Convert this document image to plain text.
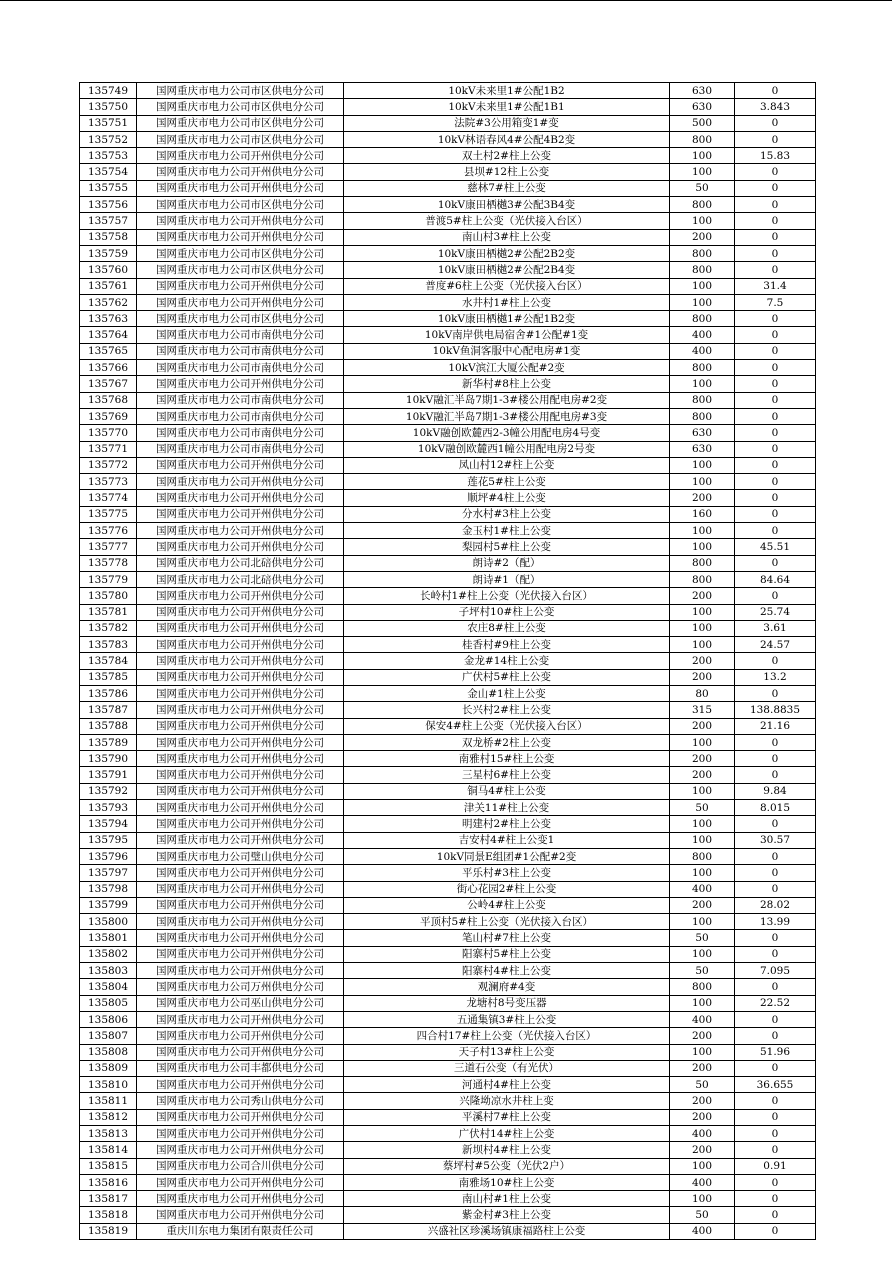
135749	国网重庆市电力公司市区供电分公司	10kV未来里1#公配1B2	630	0
135750	国网重庆市电力公司市区供电分公司	10kV未来里1#公配1B1	630	3.843
135751	国网重庆市电力公司市区供电分公司	法院#3公用箱变1#变	500	0
135752	国网重庆市电力公司市区供电分公司	10kV林语春风4#公配4B2变	800	0
135753	国网重庆市电力公司开州供电分公司	双土村2#柱上公变	100	15.83
135754	国网重庆市电力公司开州供电分公司	县坝#12柱上公变	100	0
135755	国网重庆市电力公司开州供电分公司	慈林7#柱上公变	50	0
135756	国网重庆市电力公司市区供电分公司	10kV康田栖樾3#公配3B4变	800	0
135757	国网重庆市电力公司开州供电分公司	普渡5#柱上公变（光伏接入台区）	100	0
135758	国网重庆市电力公司开州供电分公司	南山村3#柱上公变	200	0
135759	国网重庆市电力公司市区供电分公司	10kV康田栖樾2#公配2B2变	800	0
135760	国网重庆市电力公司市区供电分公司	10kV康田栖樾2#公配2B4变	800	0
135761	国网重庆市电力公司开州供电分公司	普度#6柱上公变（光伏接入台区）	100	31.4
135762	国网重庆市电力公司开州供电分公司	水井村1#柱上公变	100	7.5
135763	国网重庆市电力公司市区供电分公司	10kV康田栖樾1#公配1B2变	800	0
135764	国网重庆市电力公司市南供电分公司	10kV南岸供电局宿舍#1公配#1变	400	0
135765	国网重庆市电力公司市南供电分公司	10kV鱼洞客服中心配电房#1变	400	0
135766	国网重庆市电力公司市南供电分公司	10kV滨江大厦公配#2变	800	0
135767	国网重庆市电力公司开州供电分公司	新华村#8柱上公变	100	0
135768	国网重庆市电力公司市南供电分公司	10kV融汇半岛7期1-3#楼公用配电房#2变	800	0
135769	国网重庆市电力公司市南供电分公司	10kV融汇半岛7期1-3#楼公用配电房#3变	800	0
135770	国网重庆市电力公司市南供电分公司	10kV融创欧麓西2-3幢公用配电房4号变	630	0
135771	国网重庆市电力公司市南供电分公司	10kV融创欧麓西1幢公用配电房2号变	630	0
135772	国网重庆市电力公司开州供电分公司	凤山村12#柱上公变	100	0
135773	国网重庆市电力公司开州供电分公司	莲花5#柱上公变	100	0
135774	国网重庆市电力公司开州供电分公司	顺坪#4柱上公变	200	0
135775	国网重庆市电力公司开州供电分公司	分水村#3柱上公变	160	0
135776	国网重庆市电力公司开州供电分公司	金玉村1#柱上公变	100	0
135777	国网重庆市电力公司开州供电分公司	梨园村5#柱上公变	100	45.51
135778	国网重庆市电力公司北碚供电分公司	朗诗#2（配）	800	0
135779	国网重庆市电力公司北碚供电分公司	朗诗#1（配）	800	84.64
135780	国网重庆市电力公司开州供电分公司	长岭村1#柱上公变（光伏接入台区）	200	0
135781	国网重庆市电力公司开州供电分公司	子坪村10#柱上公变	100	25.74
135782	国网重庆市电力公司开州供电分公司	农庄8#柱上公变	100	3.61
135783	国网重庆市电力公司开州供电分公司	桂香村#9柱上公变	100	24.57
135784	国网重庆市电力公司开州供电分公司	金龙#14柱上公变	200	0
135785	国网重庆市电力公司开州供电分公司	广伏村5#柱上公变	200	13.2
135786	国网重庆市电力公司开州供电分公司	金山#1柱上公变	80	0
135787	国网重庆市电力公司开州供电分公司	长兴村2#柱上公变	315	138.8835
135788	国网重庆市电力公司开州供电分公司	保安4#柱上公变（光伏接入台区）	200	21.16
135789	国网重庆市电力公司开州供电分公司	双龙桥#2柱上公变	100	0
135790	国网重庆市电力公司开州供电分公司	南雅村15#柱上公变	200	0
135791	国网重庆市电力公司开州供电分公司	三星村6#柱上公变	200	0
135792	国网重庆市电力公司开州供电分公司	铜马4#柱上公变	100	9.84
135793	国网重庆市电力公司开州供电分公司	津关11#柱上公变	50	8.015
135794	国网重庆市电力公司开州供电分公司	明建村2#柱上公变	100	0
135795	国网重庆市电力公司开州供电分公司	吉安村4#柱上公变1	100	30.57
135796	国网重庆市电力公司璧山供电分公司	10kV同景E组团#1公配#2变	800	0
135797	国网重庆市电力公司开州供电分公司	平乐村#3柱上公变	100	0
135798	国网重庆市电力公司开州供电分公司	街心花园2#柱上公变	400	0
135799	国网重庆市电力公司开州供电分公司	公岭4#柱上公变	200	28.02
135800	国网重庆市电力公司开州供电分公司	平顶村5#柱上公变（光伏接入台区）	100	13.99
135801	国网重庆市电力公司开州供电分公司	笔山村#7柱上公变	50	0
135802	国网重庆市电力公司开州供电分公司	阳寨村5#柱上公变	100	0
135803	国网重庆市电力公司开州供电分公司	阳寨村4#柱上公变	50	7.095
135804	国网重庆市电力公司万州供电分公司	观澜府#4变	800	0
135805	国网重庆市电力公司巫山供电分公司	龙塘村8号变压器	100	22.52
135806	国网重庆市电力公司开州供电分公司	五通集镇3#柱上公变	400	0
135807	国网重庆市电力公司开州供电分公司	四合村17#柱上公变（光伏接入台区）	200	0
135808	国网重庆市电力公司开州供电分公司	天子村13#柱上公变	100	51.96
135809	国网重庆市电力公司丰都供电分公司	三道石公变（有光伏）	200	0
135810	国网重庆市电力公司开州供电分公司	河通村4#柱上公变	50	36.655
135811	国网重庆市电力公司秀山供电分公司	兴隆坳凉水井柱上变	200	0
135812	国网重庆市电力公司开州供电分公司	平溪村7#柱上公变	200	0
135813	国网重庆市电力公司开州供电分公司	广伏村14#柱上公变	400	0
135814	国网重庆市电力公司开州供电分公司	新坝村4#柱上公变	200	0
135815	国网重庆市电力公司合川供电分公司	蔡坪村#5公变（光伏2户）	100	0.91
135816	国网重庆市电力公司开州供电分公司	南雅场10#柱上公变	400	0
135817	国网重庆市电力公司开州供电分公司	南山村#1柱上公变	100	0
135818	国网重庆市电力公司开州供电分公司	紫金村#3柱上公变	50	0
135819	重庆川东电力集团有限责任公司	兴盛社区珍溪场镇康福路柱上公变	400	0
